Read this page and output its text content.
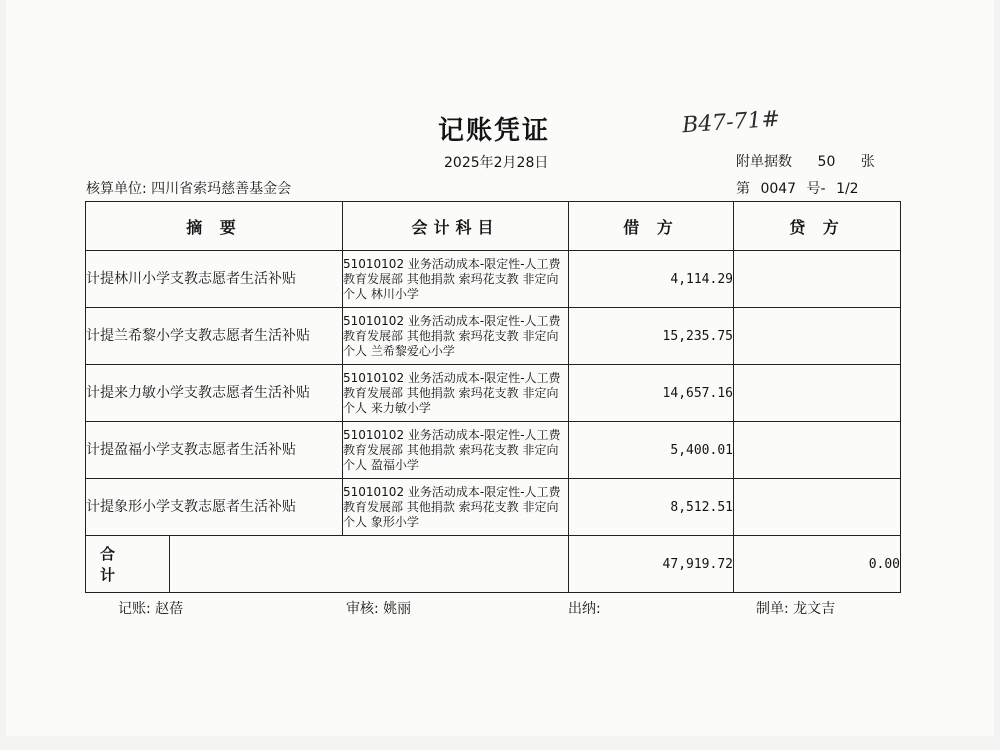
记账凭证
2025年2月28日
B47-71#
附单据数 50 张
核算单位: 四川省索玛慈善基金会	第 0047 号- 1/2
摘 要	会计科目	借 方	贷 方
计提林川小学支教志愿者生活补贴	51010102 业务活动成本-限定性-人工费 教育发展部 其他捐款 索玛花支教 非定向 个人 林川小学	4,114.29	
计提兰希黎小学支教志愿者生活补贴	51010102 业务活动成本-限定性-人工费 教育发展部 其他捐款 索玛花支教 非定向 个人 兰希黎爱心小学	15,235.75	
计提来力敏小学支教志愿者生活补贴	51010102 业务活动成本-限定性-人工费 教育发展部 其他捐款 索玛花支教 非定向 个人 来力敏小学	14,657.16	
计提盈福小学支教志愿者生活补贴	51010102 业务活动成本-限定性-人工费 教育发展部 其他捐款 索玛花支教 非定向 个人 盈福小学	5,400.01	
计提象形小学支教志愿者生活补贴	51010102 业务活动成本-限定性-人工费 教育发展部 其他捐款 索玛花支教 非定向 个人 象形小学	8,512.51	

合 计		47,919.72	0.00
记账: 赵蓓	审核: 姚丽	出纳:	制单: 龙文吉
